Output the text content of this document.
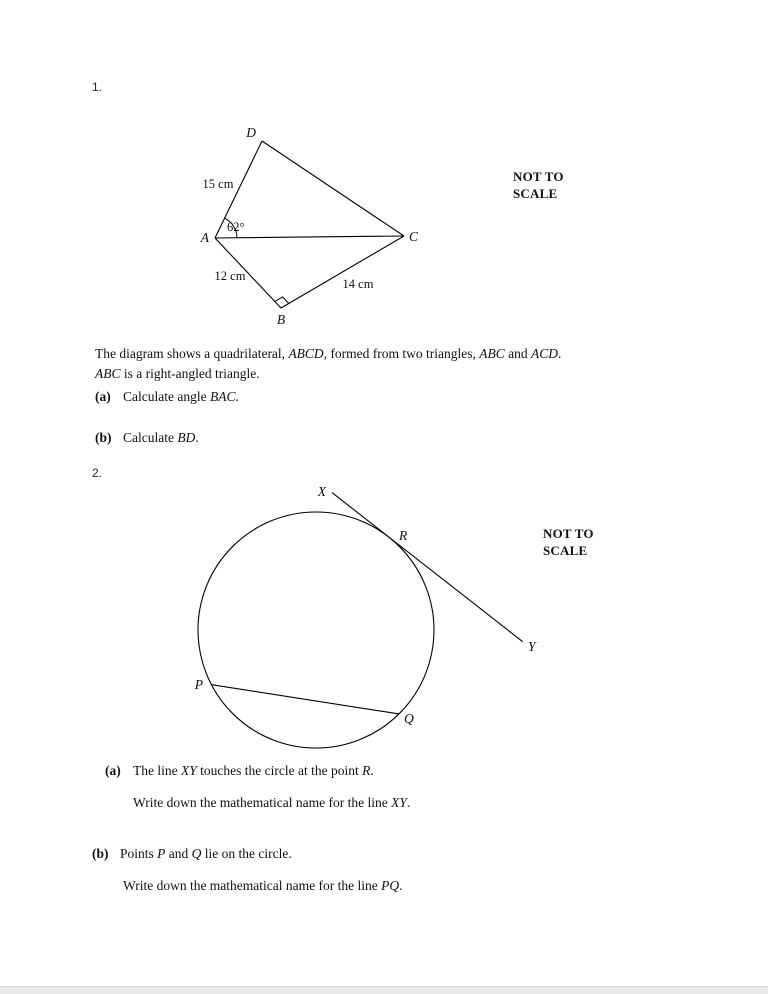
D
A	C
B
15 cm
62°
12 cm
14 cm
X
R
Y
P
Q
1.
NOT TO
SCALE
The diagram shows a quadrilateral, ABCD, formed from two triangles, ABC and ACD.
ABC is a right-angled triangle.
(a) Calculate angle BAC.
(b) Calculate BD.
2.
NOT TO
SCALE
(a) The line XY touches the circle at the point R.
Write down the mathematical name for the line XY.
(b) Points P and Q lie on the circle.
Write down the mathematical name for the line PQ.
